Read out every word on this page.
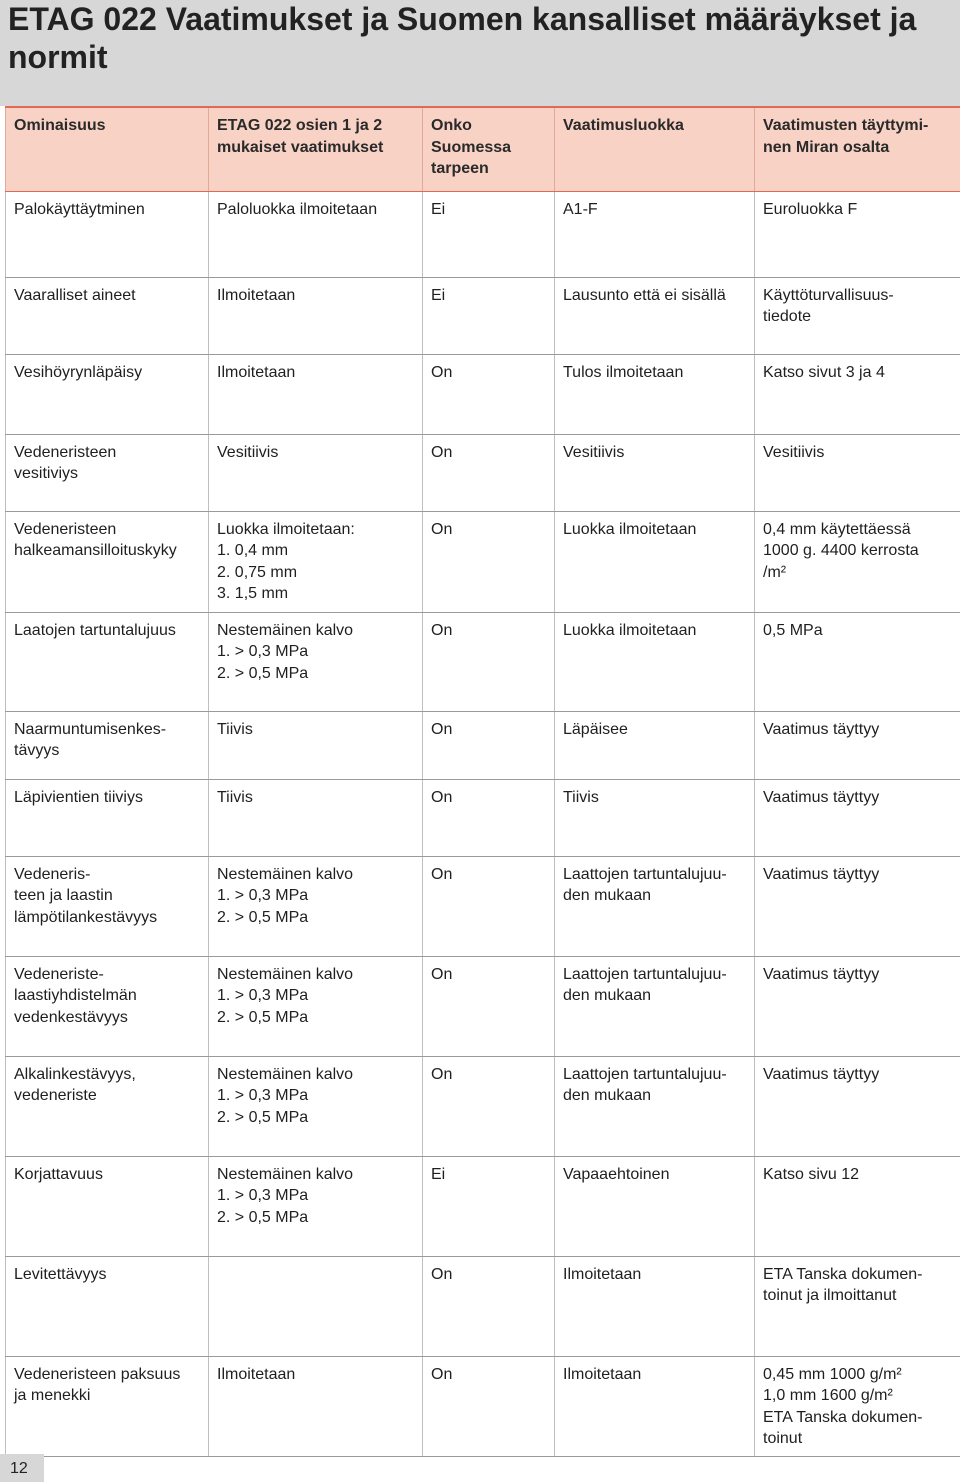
ETAG 022 Vaatimukset ja Suomen kansalliset määräykset ja normit
Ominaisuus	ETAG 022 osien 1 ja 2 mukaiset vaatimukset	Onko Suomessa tarpeen	Vaatimusluokka	Vaatimusten täyttymi-
nen Miran osalta
Palokäyttäytminen	Paloluokka ilmoitetaan	Ei	A1-F	Euroluokka F
Vaaralliset aineet	Ilmoitetaan	Ei	Lausunto että ei sisällä	Käyttöturvallisuus-
tiedote
Vesihöyrynläpäisy	Ilmoitetaan	On	Tulos ilmoitetaan	Katso sivut 3 ja 4
Vedeneristeen
vesitiviys	Vesitiivis	On	Vesitiivis	Vesitiivis
Vedeneristeen
halkeamansilloituskyky	Luokka ilmoitetaan:
1. 0,4 mm
2. 0,75 mm
3. 1,5 mm	On	Luokka ilmoitetaan	0,4 mm käytettäessä
1000 g. 4400 kerrosta
/m²
Laatojen tartuntalujuus	Nestemäinen kalvo
1. > 0,3 MPa
2. > 0,5 MPa	On	Luokka ilmoitetaan	0,5 MPa
Naarmuntumisenkes-
tävyys	Tiivis	On	Läpäisee	Vaatimus täyttyy
Läpivientien tiiviys	Tiivis	On	Tiivis	Vaatimus täyttyy
Vedeneris-
teen ja laastin
lämpötilankestävyys	Nestemäinen kalvo
1. > 0,3 MPa
2. > 0,5 MPa	On	Laattojen tartuntalujuu-
den mukaan	Vaatimus täyttyy
Vedeneriste-
laastiyhdistelmän
vedenkestävyys	Nestemäinen kalvo
1. > 0,3 MPa
2. > 0,5 MPa	On	Laattojen tartuntalujuu-
den mukaan	Vaatimus täyttyy
Alkalinkestävyys,
vedeneriste	Nestemäinen kalvo
1. > 0,3 MPa
2. > 0,5 MPa	On	Laattojen tartuntalujuu-
den mukaan	Vaatimus täyttyy
Korjattavuus	Nestemäinen kalvo
1. > 0,3 MPa
2. > 0,5 MPa	Ei	Vapaaehtoinen	Katso sivu 12
Levitettävyys		On	Ilmoitetaan	ETA Tanska dokumen-
toinut ja ilmoittanut
Vedeneristeen paksuus
ja menekki	Ilmoitetaan	On	Ilmoitetaan	0,45 mm 1000 g/m²
1,0 mm 1600 g/m²
ETA Tanska dokumen-
toinut
12
